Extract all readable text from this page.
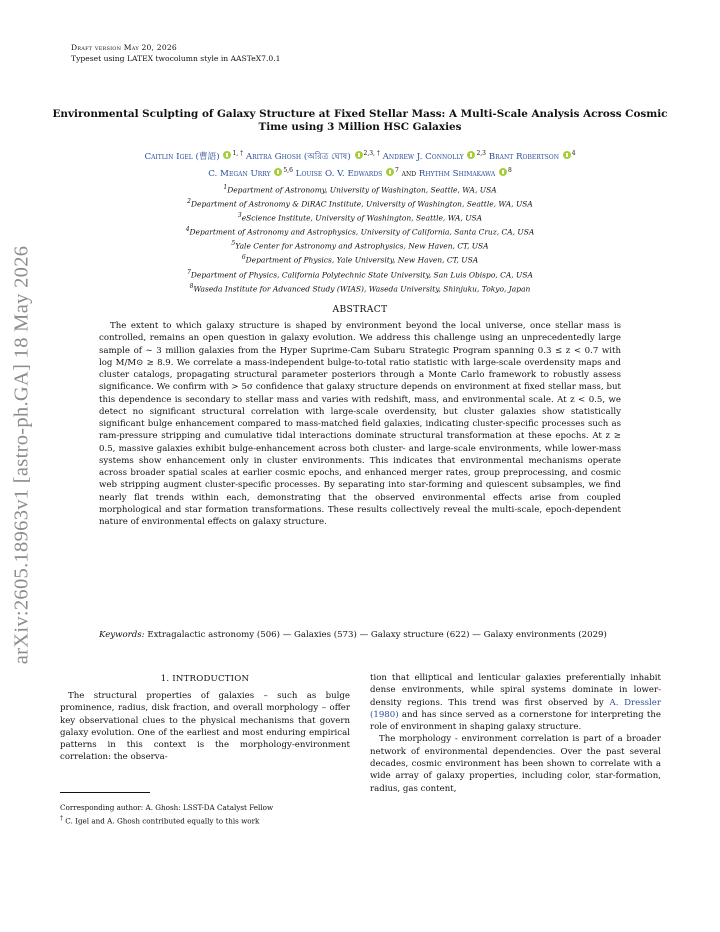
Draft version May 20, 2026
Typeset using LATEX twocolumn style in AASTeX7.0.1
arXiv:2605.18963v1 [astro-ph.GA] 18 May 2026
Environmental Sculpting of Galaxy Structure at Fixed Stellar Mass: A Multi-Scale Analysis Across Cosmic Time using 3 Million HSC Galaxies
Caitlin Igel (曹語) $^{1, \dagger}$ Aritra Ghosh (অরিত্র ঘোষ) $^{2,3, \dagger}$ Andrew J. Connolly $^{2,3}$ Brant Robertson $^4$
C. Megan Urry $^{5,6}$ Louise O. V. Edwards $^7$ and Rhythm Shimakawa $^8$
$^1$Department of Astronomy, University of Washington, Seattle, WA, USA
$^2$Department of Astronomy & DiRAC Institute, University of Washington, Seattle, WA, USA
$^3$eScience Institute, University of Washington, Seattle, WA, USA
$^4$Department of Astronomy and Astrophysics, University of California, Santa Cruz, CA, USA
$^5$Yale Center for Astronomy and Astrophysics, New Haven, CT, USA
$^6$Department of Physics, Yale University, New Haven, CT, USA
$^7$Department of Physics, California Polytechnic State University, San Luis Obispo, CA, USA
$^8$Waseda Institute for Advanced Study (WIAS), Waseda University, Shinjuku, Tokyo, Japan
ABSTRACT
The extent to which galaxy structure is shaped by environment beyond the local universe, once stellar mass is controlled, remains an open question in galaxy evolution. We address this challenge using an unprecedentedly large sample of ∼ 3 million galaxies from the Hyper Suprime-Cam Subaru Strategic Program spanning 0.3 ≤ z < 0.7 with log M/M⊙ ≥ 8.9. We correlate a mass-independent bulge-to-total ratio statistic with large-scale overdensity maps and cluster catalogs, propagating structural parameter posteriors through a Monte Carlo framework to robustly assess significance. We confirm with > 5σ confidence that galaxy structure depends on environment at fixed stellar mass, but this dependence is secondary to stellar mass and varies with redshift, mass, and environmental scale. At z < 0.5, we detect no significant structural correlation with large-scale overdensity, but cluster galaxies show statistically significant bulge enhancement compared to mass-matched field galaxies, indicating cluster-specific processes such as ram-pressure stripping and cumulative tidal interactions dominate structural transformation at these epochs. At z ≥ 0.5, massive galaxies exhibit bulge-enhancement across both cluster- and large-scale environments, while lower-mass systems show enhancement only in cluster environments. This indicates that environmental mechanisms operate across broader spatial scales at earlier cosmic epochs, and enhanced merger rates, group preprocessing, and cosmic web stripping augment cluster-specific processes. By separating into star-forming and quiescent subsamples, we find nearly flat trends within each, demonstrating that the observed environmental effects arise from coupled morphological and star formation transformations. These results collectively reveal the multi-scale, epoch-dependent nature of environmental effects on galaxy structure.
Keywords: Extragalactic astronomy (506) — Galaxies (573) — Galaxy structure (622) — Galaxy environments (2029)
1. INTRODUCTION
The structural properties of galaxies – such as bulge prominence, radius, disk fraction, and overall morphology – offer key observational clues to the physical mechanisms that govern galaxy evolution. One of the earliest and most enduring empirical patterns in this context is the morphology-environment correlation: the observa-

tion that elliptical and lenticular galaxies preferentially inhabit dense environments, while spiral systems dominate in lower-density regions. This trend was first observed by A. Dressler (1980) and has since served as a cornerstone for interpreting the role of environment in shaping galaxy structure.

The morphology - environment correlation is part of a broader network of environmental dependencies. Over the past several decades, cosmic environment has been shown to correlate with a wide array of galaxy properties, including color, star-formation, radius, gas content,

Corresponding author: A. Ghosh: LSST-DA Catalyst Fellow
† C. Igel and A. Ghosh contributed equally to this work
